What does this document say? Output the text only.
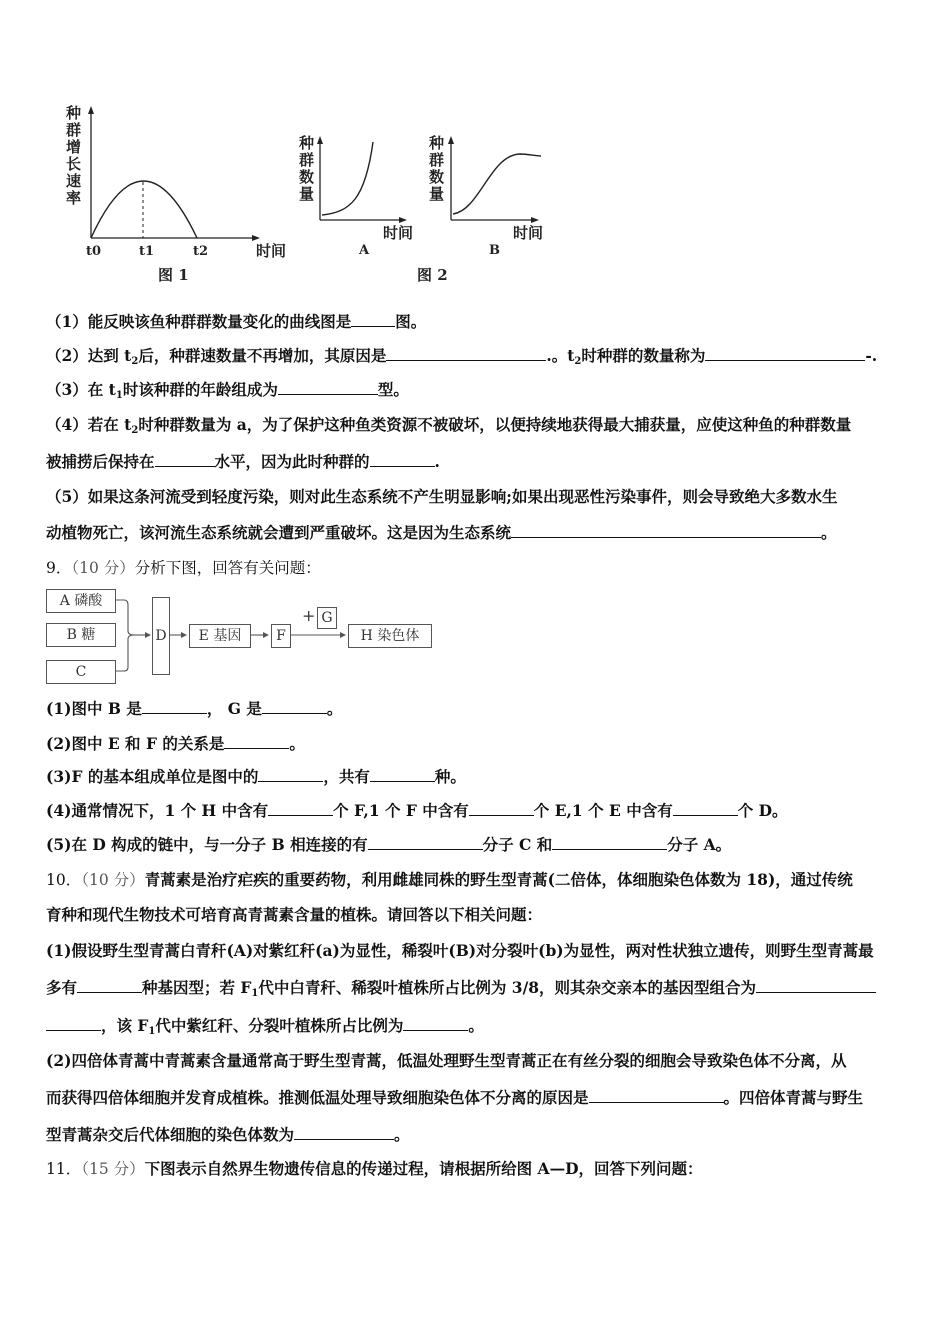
种
群
增
长
速
率
t0	t1	t2	时间
图 1
种
群
数
量
时间
A
种
群
数
量
时间
B
图 2
（1）能反映该鱼种群群数量变化的曲线图是	图。
（2）达到 $t_2$后，种群速数量不再增加，其原因是	.。$t_2$时种群的数量称为	-.
（3）在 $t_1$时该种群的年龄组成为	型。
（4）若在 $t_2$时种群数量为 a，为了保护这种鱼类资源不被破坏，以便持续地获得最大捕获量，应使这种鱼的种群数量
被捕捞后保持在	水平，因为此时种群的	.
（5）如果这条河流受到轻度污染，则对此生态系统不产生明显影响;如果出现恶性污染事件，则会导致绝大多数水生
动植物死亡，该河流生态系统就会遭到严重破坏。这是因为生态系统	。
9．（10 分）分析下图，回答有关问题：
A 磷酸
B 糖
C
D	E 基因	F
+ G
H 染色体
(1)图中 B 是	， G 是	。
(2)图中 E 和 F 的关系是	。
(3)F 的基本组成单位是图中的	，共有	种。
(4)通常情况下，1 个 H 中含有	个 F,1 个 F 中含有	个 E,1 个 E 中含有	个 D。
(5)在 D 构成的链中，与一分子 B 相连接的有	分子 C 和	分子 A。
10．（10 分）青蒿素是治疗疟疾的重要药物，利用雌雄同株的野生型青蒿(二倍体，体细胞染色体数为 18)，通过传统
育种和现代生物技术可培育高青蒿素含量的植株。请回答以下相关问题：
(1)假设野生型青蒿白青秆(A)对紫红秆(a)为显性，稀裂叶(B)对分裂叶(b)为显性，两对性状独立遗传，则野生型青蒿最
多有	种基因型；若 $F_1$代中白青秆、稀裂叶植株所占比例为 3/8，则其杂交亲本的基因型组合为
，该 $F_1$代中紫红秆、分裂叶植株所占比例为	。
(2)四倍体青蒿中青蒿素含量通常高于野生型青蒿，低温处理野生型青蒿正在有丝分裂的细胞会导致染色体不分离，从
而获得四倍体细胞并发育成植株。推测低温处理导致细胞染色体不分离的原因是	。四倍体青蒿与野生
型青蒿杂交后代体细胞的染色体数为	。
11．（15 分）下图表示自然界生物遗传信息的传递过程，请根据所给图 A—D，回答下列问题：
